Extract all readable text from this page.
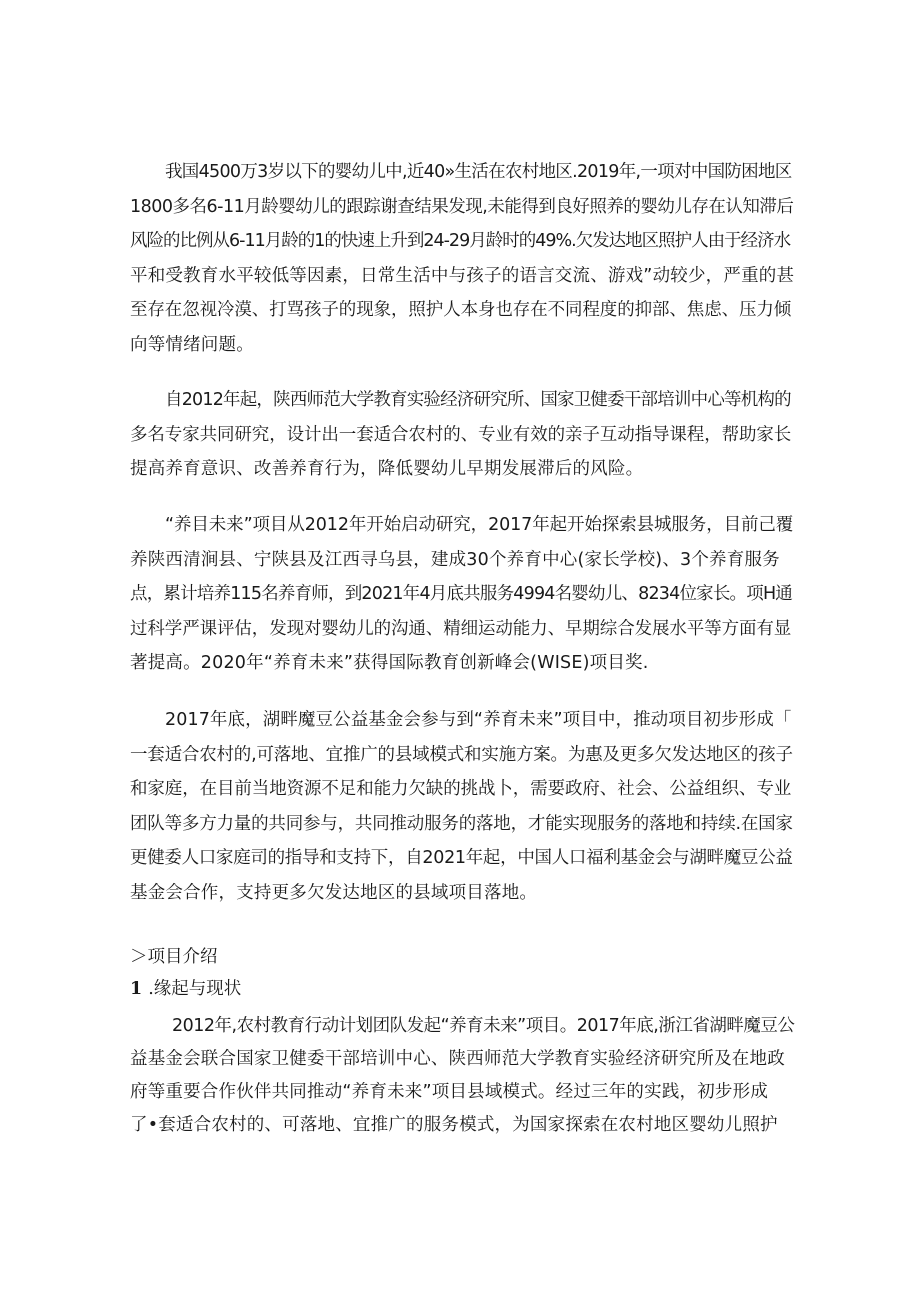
我国4500万3岁以下的婴幼儿中,近40»生活在农村地区.2019年,一项对中国防困地区
1800多名6-11月龄婴幼儿的跟踪谢查结果发现,未能得到良好照养的婴幼儿存在认知滞后
风险的比例从6-11月龄的1的快速上升到24-29月龄时的49%.欠发达地区照护人由于经济水
平和受教育水平较低等因素，日常生活中与孩子的语言交流、游戏”动较少，严重的甚
至存在忽视冷漠、打骂孩子的现象，照护人本身也存在不同程度的抑部、焦虑、压力倾
向等情绪问题。
自2012年起，陕西师范大学教育实验经济研究所、国家卫健委干部培训中心等机构的
多名专家共同研究，设计出一套适合农村的、专业有效的亲子互动指导课程，帮助家长
提高养育意识、改善养育行为，降低婴幼儿早期发展滞后的风险。
“养目未来”项目从2012年开始启动研究，2017年起开始探索县城服务，目前己覆
养陕西清涧县、宁陕县及江西寻乌县，建成30个养育中心(家长学校)、3个养育服务
点，累计培养115名养育师，到2021年4月底共服务4994名婴幼儿、8234位家长。项H通
过科学严课评估，发现对婴幼儿的沟通、精细运动能力、早期综合发展水平等方面有显
著提高。2020年“养育未来”获得国际教育创新峰会(WISE)项目奖.
2017年底，湖畔魔豆公益基金会参与到“养育未来”项目中，推动项目初步形成「
一套适合农村的,可落地、宜推广的县域模式和实施方案。为惠及更多欠发达地区的孩子
和家庭，在目前当地资源不足和能力欠缺的挑战卜，需要政府、社会、公益组织、专业
团队等多方力量的共同参与，共同推动服务的落地，才能实现服务的落地和持续.在国家
更健委人口家庭司的指导和支持下，自2021年起，中国人口福利基金会与湖畔魔豆公益
基金会合作，支持更多欠发达地区的县域项目落地。
＞项目介绍
1 .缘起与现状
2012年,农村教育行动计划团队发起“养育未来”项目。2017年底,浙江省湖畔魔豆公
益基金会联合国家卫健委干部培训中心、陕西师范大学教育实验经济研究所及在地政
府等重要合作伙伴共同推动“养育未来”项目县域模式。经过三年的实践，初步形成
了•套适合农村的、可落地、宜推广的服务模式，为国家探索在农村地区婴幼儿照护
